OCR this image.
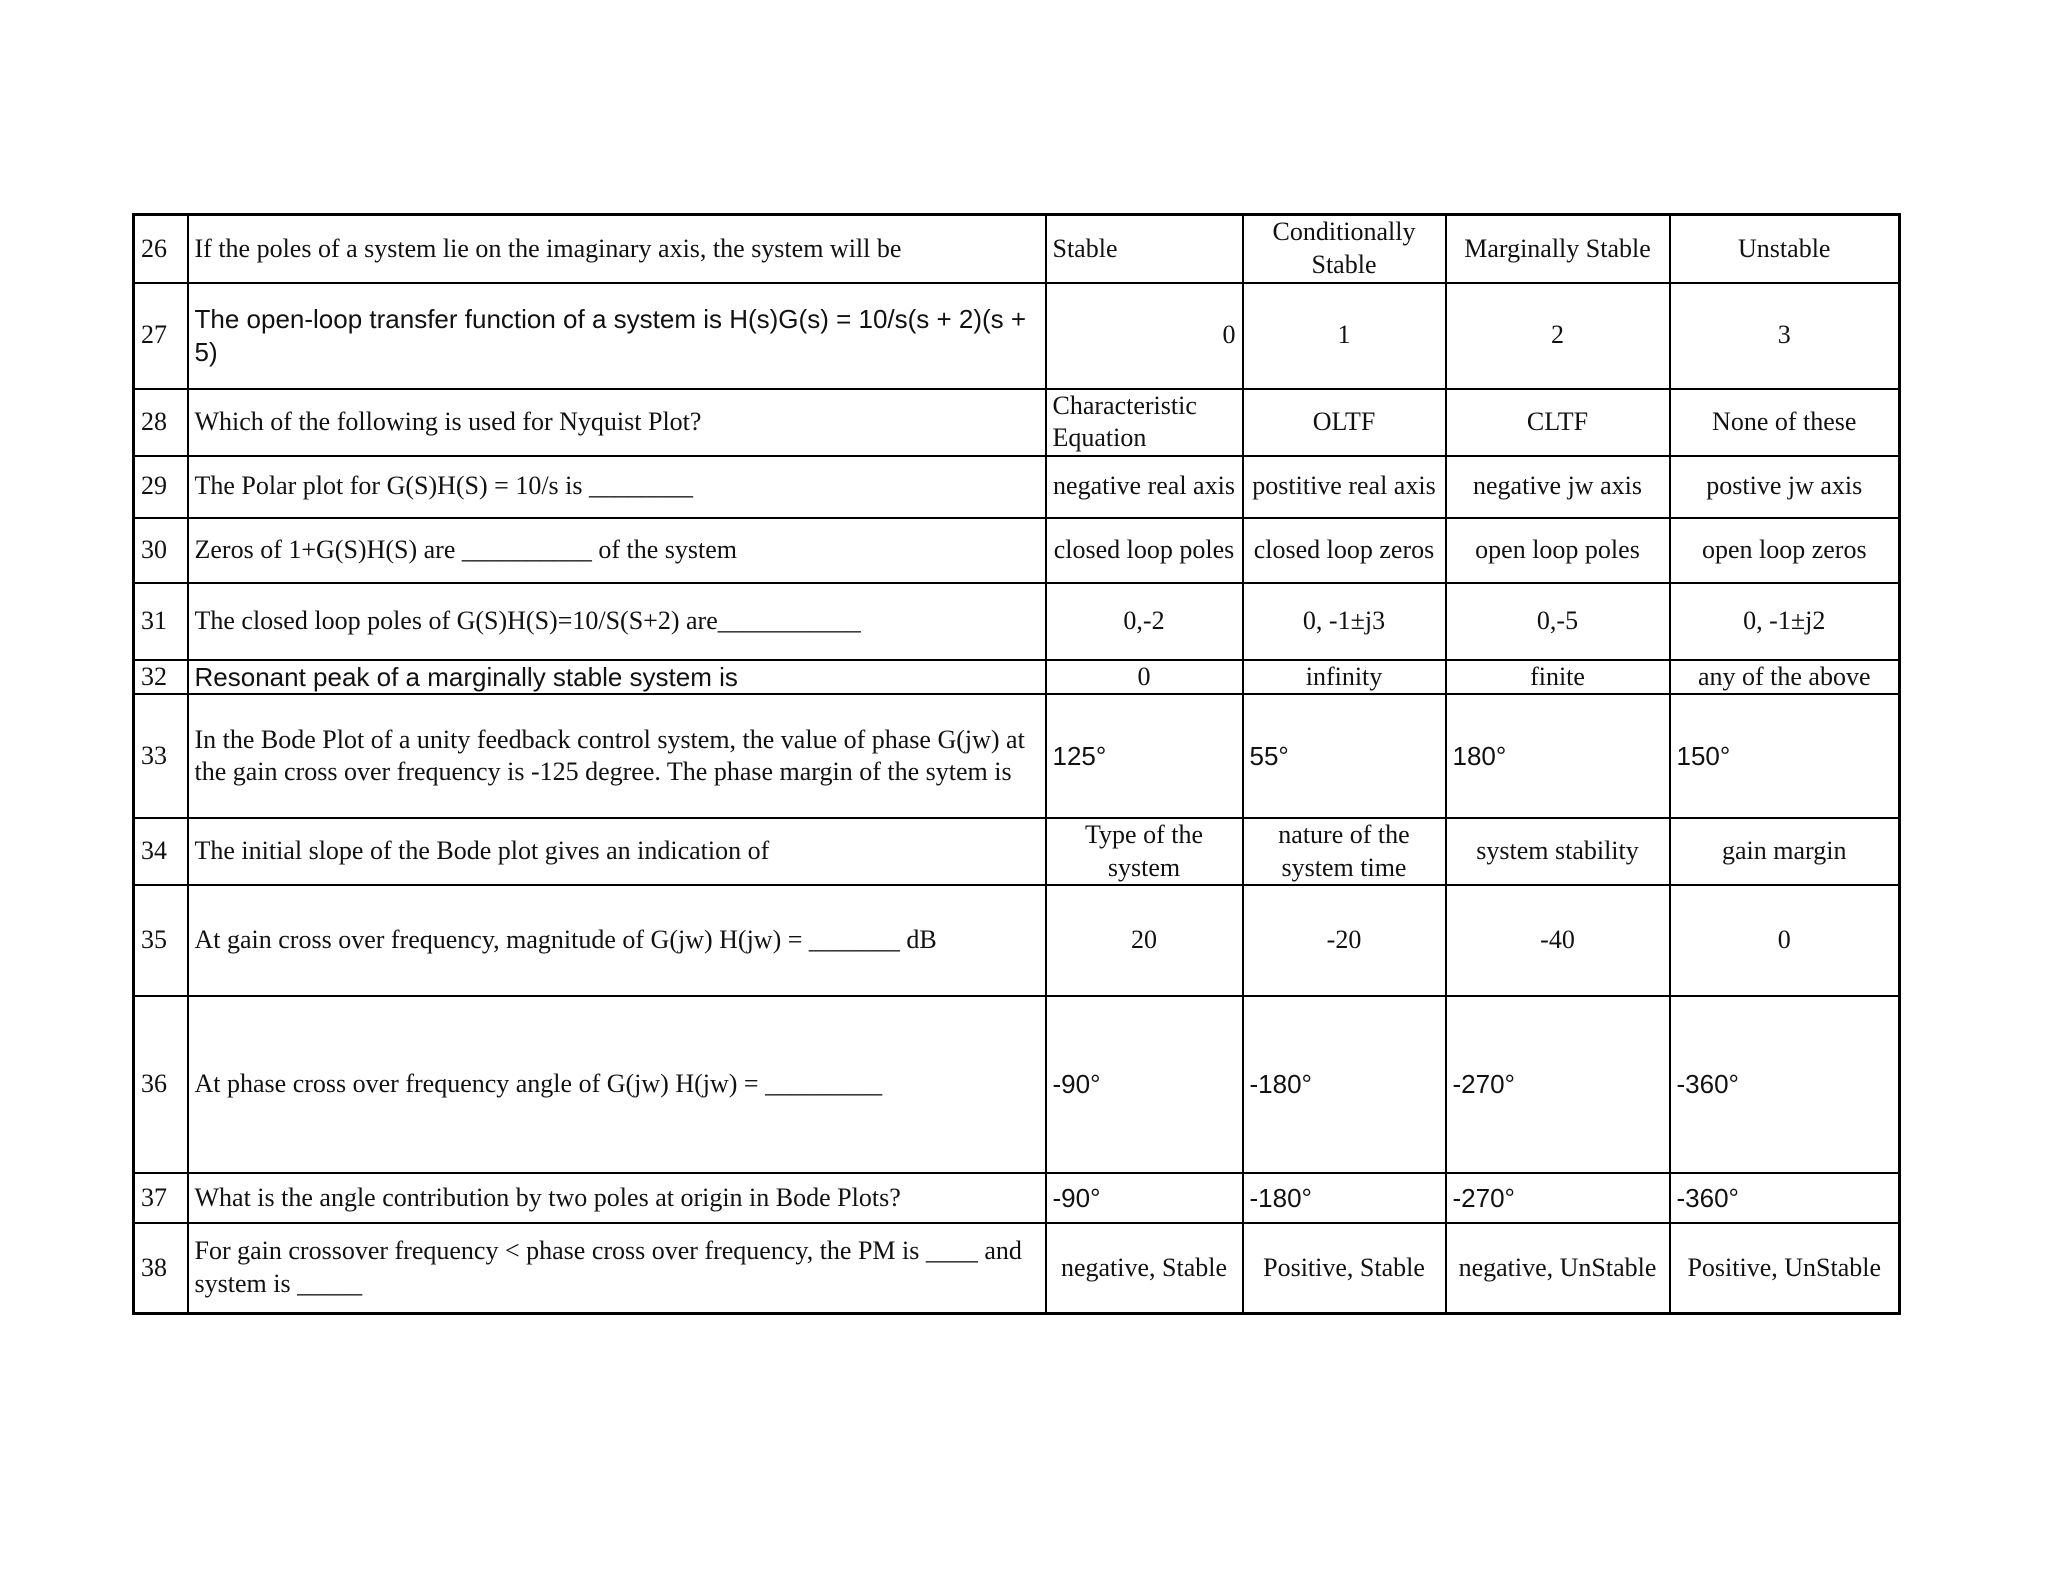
26	If the poles of a system lie on the imaginary axis, the system will be	Stable	Conditionally Stable	Marginally Stable	Unstable
27	The open-loop transfer function of a system is H(s)G(s) = 10/s(s + 2)(s + 5)	0	1	2	3
28	Which of the following is used for Nyquist Plot?	Characteristic Equation	OLTF	CLTF	None of these
29	The Polar plot for G(S)H(S) = 10/s is ________	negative real axis	postitive real axis	negative jw axis	postive jw axis
30	Zeros of 1+G(S)H(S) are __________ of the system	closed loop poles	closed loop zeros	open loop poles	open loop zeros
31	The closed loop poles of G(S)H(S)=10/S(S+2) are___________	0,-2	0, -1±j3	0,-5	0, -1±j2
32	Resonant peak of a marginally stable system is	0	infinity	finite	any of the above
33	In the Bode Plot of a unity feedback control system, the value of phase G(jw) at the gain cross over frequency is -125 degree. The phase margin of the sytem is	125°	55°	180°	150°
34	The initial slope of the Bode plot gives an indication of	Type of the system	nature of the system time	system stability	gain margin
35	At gain cross over frequency, magnitude of G(jw) H(jw) = _______ dB	20	-20	-40	0
36	At phase cross over frequency angle of G(jw) H(jw) = _________	-90°	-180°	-270°	-360°
37	What is the angle contribution by two poles at origin in Bode Plots?	-90°	-180°	-270°	-360°
38	For gain crossover frequency < phase cross over frequency, the PM is ____ and system is _____	negative, Stable	Positive, Stable	negative, UnStable	Positive, UnStable
